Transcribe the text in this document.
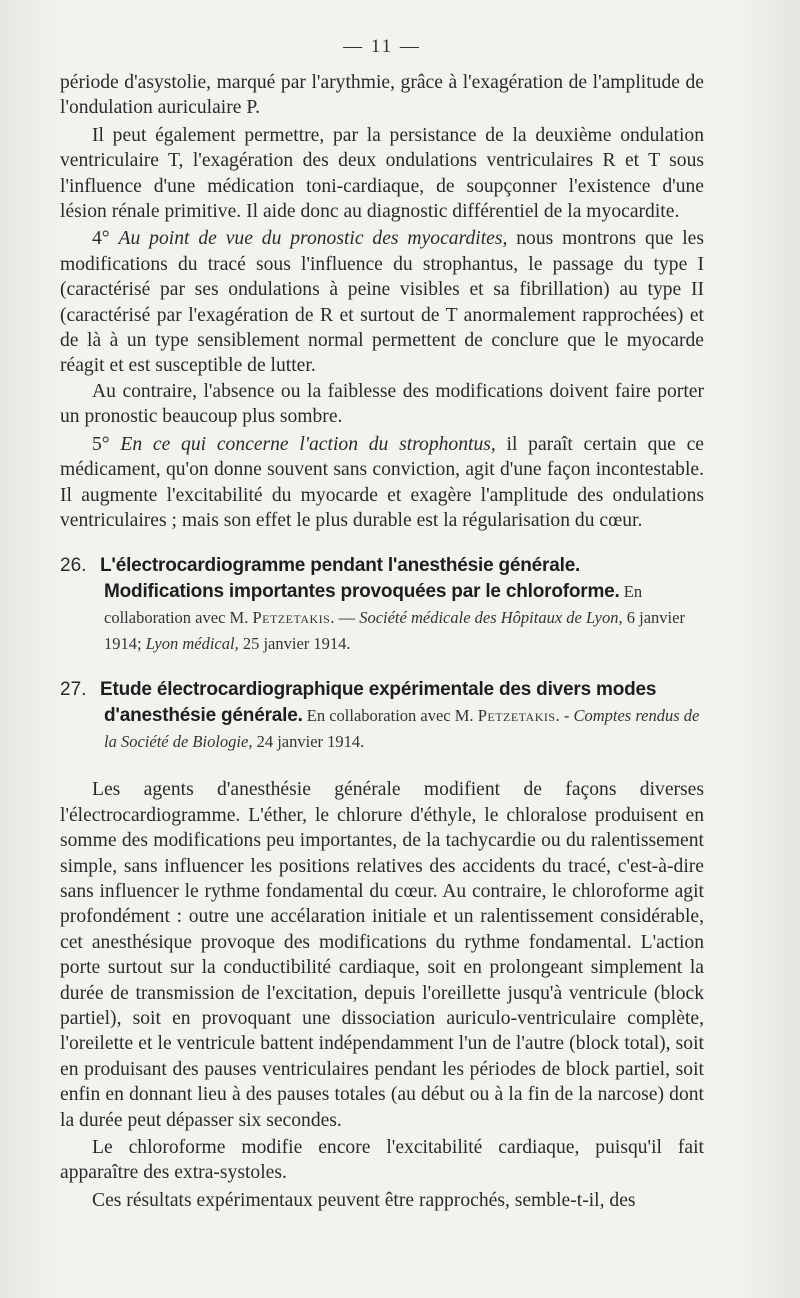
— 11 —

période d'asystolie, marqué par l'arythmie, grâce à l'exagération de l'amplitude de l'ondulation auriculaire P.

Il peut également permettre, par la persistance de la deuxième ondulation ventriculaire T, l'exagération des deux ondulations ventriculaires R et T sous l'influence d'une médication toni-cardiaque, de soupçonner l'existence d'une lésion rénale primitive. Il aide donc au diagnostic différentiel de la myocardite.

4° Au point de vue du pronostic des myocardites, nous montrons que les modifications du tracé sous l'influence du strophantus, le passage du type I (caractérisé par ses ondulations à peine visibles et sa fibrillation) au type II (caractérisé par l'exagération de R et surtout de T anormalement rapprochées) et de là à un type sensiblement normal permettent de conclure que le myocarde réagit et est susceptible de lutter.

Au contraire, l'absence ou la faiblesse des modifications doivent faire porter un pronostic beaucoup plus sombre.

5° En ce qui concerne l'action du strophontus, il paraît certain que ce médicament, qu'on donne souvent sans conviction, agit d'une façon incontestable. Il augmente l'excitabilité du myocarde et exagère l'amplitude des ondulations ventriculaires ; mais son effet le plus durable est la régularisation du cœur.

26. L'électrocardiogramme pendant l'anesthésie générale. Modifications importantes provoquées par le chloroforme. En collaboration avec M. Petzetakis. — Société médicale des Hôpitaux de Lyon, 6 janvier 1914; Lyon médical, 25 janvier 1914.
27. Etude électrocardiographique expérimentale des divers modes d'anesthésie générale. En collaboration avec M. Petzetakis. - Comptes rendus de la Société de Biologie, 24 janvier 1914.

Les agents d'anesthésie générale modifient de façons diverses l'électrocardiogramme. L'éther, le chlorure d'éthyle, le chloralose produisent en somme des modifications peu importantes, de la tachycardie ou du ralentissement simple, sans influencer les positions relatives des accidents du tracé, c'est-à-dire sans influencer le rythme fondamental du cœur. Au contraire, le chloroforme agit profondément : outre une accélaration initiale et un ralentissement considérable, cet anesthésique provoque des modifications du rythme fondamental. L'action porte surtout sur la conductibilité cardiaque, soit en prolongeant simplement la durée de transmission de l'excitation, depuis l'oreillette jusqu'à ventricule (block partiel), soit en provoquant une dissociation auriculo-ventriculaire complète, l'oreilette et le ventricule battent indépendamment l'un de l'autre (block total), soit en produisant des pauses ventriculaires pendant les périodes de block partiel, soit enfin en donnant lieu à des pauses totales (au début ou à la fin de la narcose) dont la durée peut dépasser six secondes.

Le chloroforme modifie encore l'excitabilité cardiaque, puisqu'il fait apparaître des extra-systoles.

Ces résultats expérimentaux peuvent être rapprochés, semble-t-il, des
